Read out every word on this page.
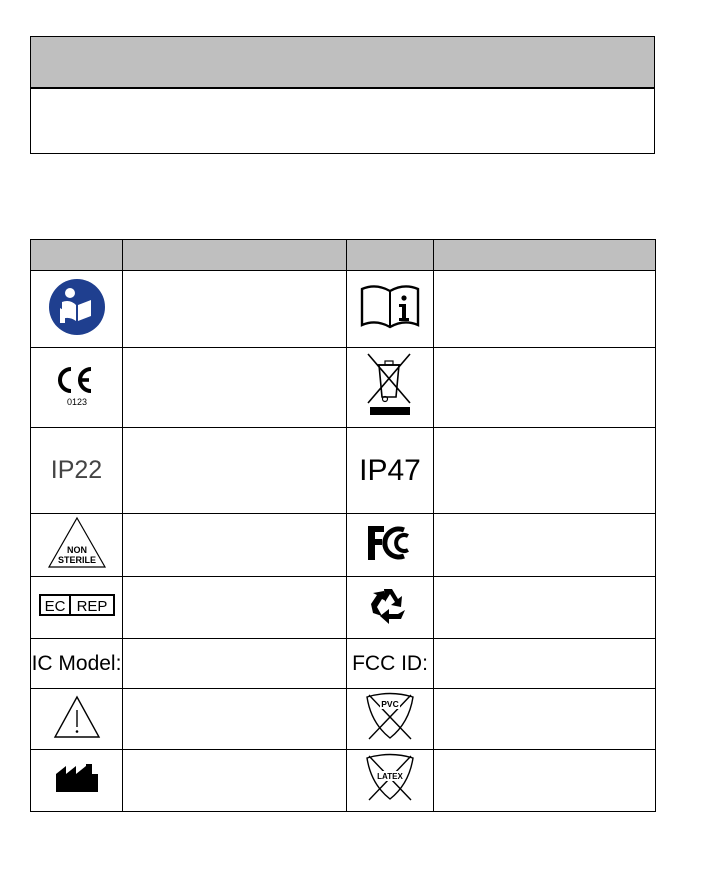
0123

IP22		IP47	

NON
STERILE

EC REP

IC Model:		FCC ID:	

PVC	

LATEX	
